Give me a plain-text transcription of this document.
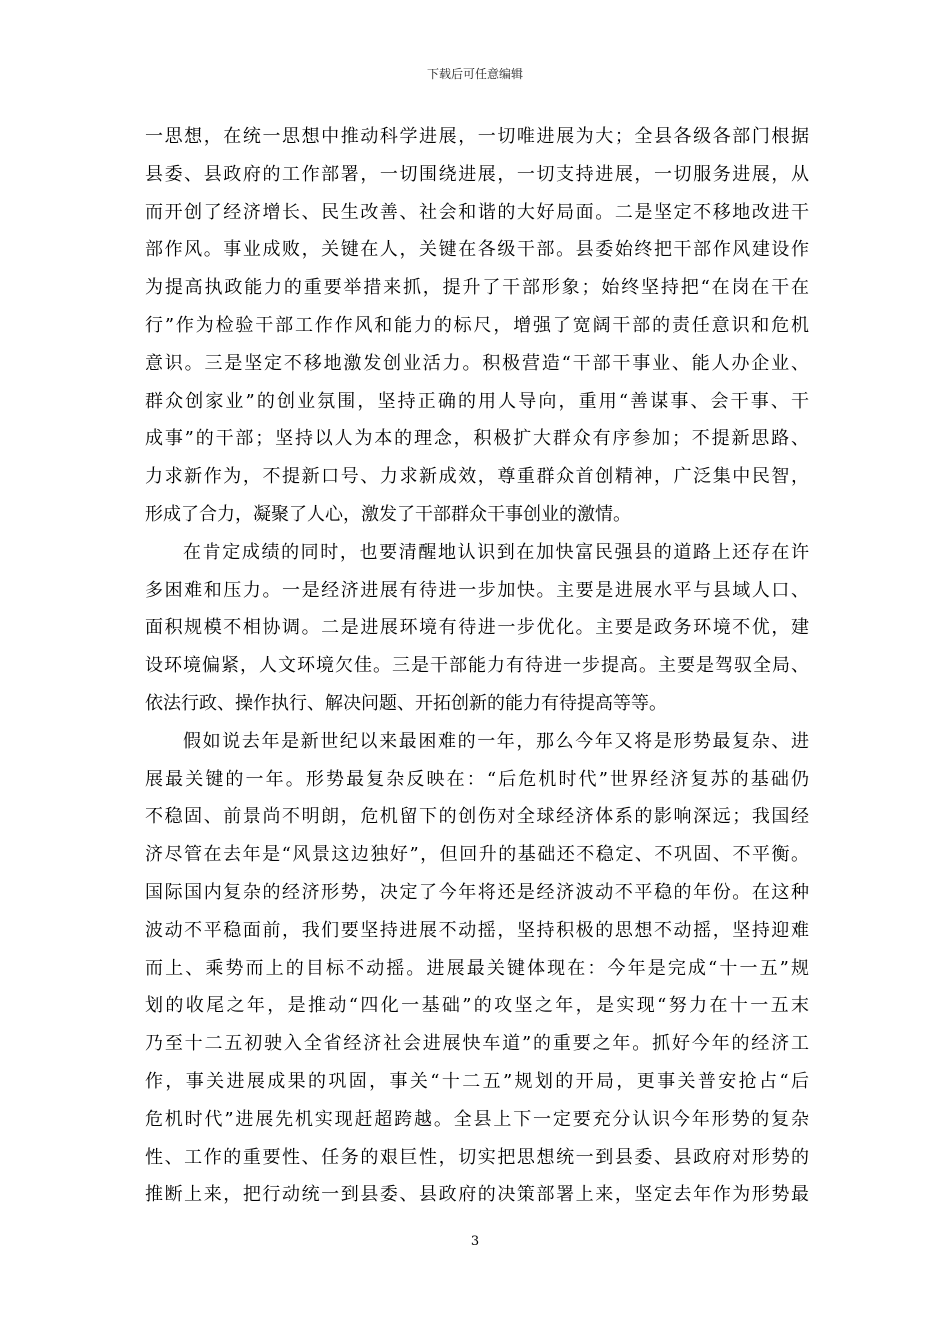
下载后可任意编辑
一思想，在统一思想中推动科学进展，一切唯进展为大；全县各级各部门根据
县委、县政府的工作部署，一切围绕进展，一切支持进展，一切服务进展，从
而开创了经济增长、民生改善、社会和谐的大好局面。二是坚定不移地改进干
部作风。事业成败，关键在人，关键在各级干部。县委始终把干部作风建设作
为提高执政能力的重要举措来抓，提升了干部形象；始终坚持把“在岗在干在
行”作为检验干部工作作风和能力的标尺，增强了宽阔干部的责任意识和危机
意识。三是坚定不移地激发创业活力。积极营造“干部干事业、能人办企业、
群众创家业”的创业氛围，坚持正确的用人导向，重用“善谋事、会干事、干
成事”的干部；坚持以人为本的理念，积极扩大群众有序参加；不提新思路、
力求新作为，不提新口号、力求新成效，尊重群众首创精神，广泛集中民智，
形成了合力，凝聚了人心，激发了干部群众干事创业的激情。
在肯定成绩的同时，也要清醒地认识到在加快富民强县的道路上还存在许
多困难和压力。一是经济进展有待进一步加快。主要是进展水平与县域人口、
面积规模不相协调。二是进展环境有待进一步优化。主要是政务环境不优，建
设环境偏紧，人文环境欠佳。三是干部能力有待进一步提高。主要是驾驭全局、
依法行政、操作执行、解决问题、开拓创新的能力有待提高等等。
假如说去年是新世纪以来最困难的一年，那么今年又将是形势最复杂、进
展最关键的一年。形势最复杂反映在：“后危机时代”世界经济复苏的基础仍
不稳固、前景尚不明朗，危机留下的创伤对全球经济体系的影响深远；我国经
济尽管在去年是“风景这边独好”，但回升的基础还不稳定、不巩固、不平衡。
国际国内复杂的经济形势，决定了今年将还是经济波动不平稳的年份。在这种
波动不平稳面前，我们要坚持进展不动摇，坚持积极的思想不动摇，坚持迎难
而上、乘势而上的目标不动摇。进展最关键体现在：今年是完成“十一五”规
划的收尾之年，是推动“四化一基础”的攻坚之年，是实现“努力在十一五末
乃至十二五初驶入全省经济社会进展快车道”的重要之年。抓好今年的经济工
作，事关进展成果的巩固，事关“十二五”规划的开局，更事关普安抢占“后
危机时代”进展先机实现赶超跨越。全县上下一定要充分认识今年形势的复杂
性、工作的重要性、任务的艰巨性，切实把思想统一到县委、县政府对形势的
推断上来，把行动统一到县委、县政府的决策部署上来，坚定去年作为形势最
3
